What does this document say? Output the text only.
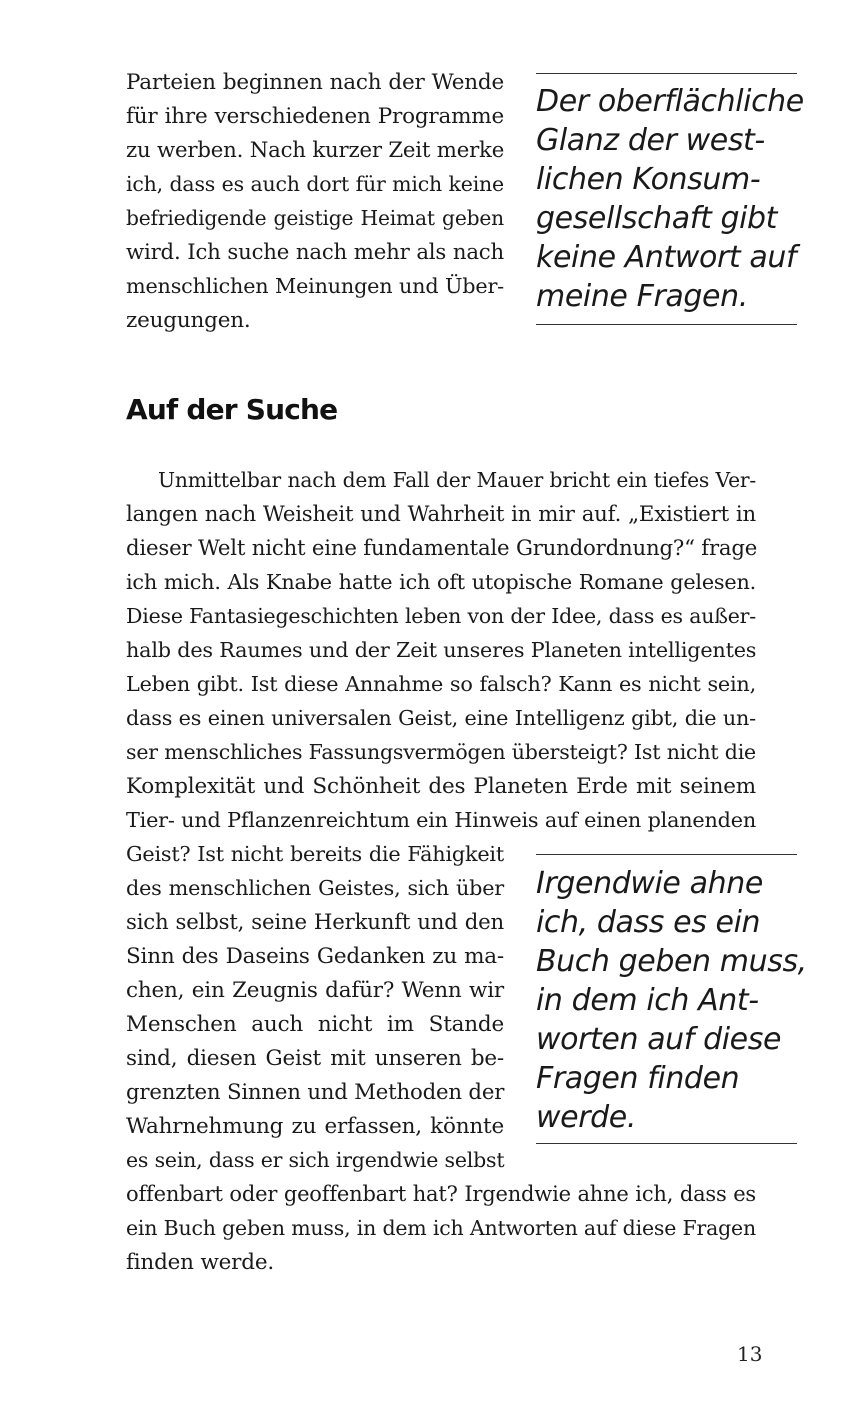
Parteien beginnen nach der Wende
für ihre verschiedenen Programme
zu werben. Nach kurzer Zeit merke
ich, dass es auch dort für mich keine
befriedigende geistige Heimat geben
wird. Ich suche nach mehr als nach
menschlichen Meinungen und Über-
zeugungen.
Der oberflächliche
Glanz der west-
lichen Konsum-
gesellschaft gibt
keine Antwort auf
meine Fragen.
Auf der Suche
Unmittelbar nach dem Fall der Mauer bricht ein tiefes Ver-
langen nach Weisheit und Wahrheit in mir auf. „Existiert in
dieser Welt nicht eine fundamentale Grundordnung?“ frage
ich mich. Als Knabe hatte ich oft utopische Romane gelesen.
Diese Fantasiegeschichten leben von der Idee, dass es außer-
halb des Raumes und der Zeit unseres Planeten intelligentes
Leben gibt. Ist diese Annahme so falsch? Kann es nicht sein,
dass es einen universalen Geist, eine Intelligenz gibt, die un-
ser menschliches Fassungsvermögen übersteigt? Ist nicht die
Komplexität und Schönheit des Planeten Erde mit seinem
Tier- und Pflanzenreichtum ein Hinweis auf einen planenden
Geist? Ist nicht bereits die Fähigkeit
des menschlichen Geistes, sich über
sich selbst, seine Herkunft und den
Sinn des Daseins Gedanken zu ma-
chen, ein Zeugnis dafür? Wenn wir
Menschen auch nicht im Stande
sind, diesen Geist mit unseren be-
grenzten Sinnen und Methoden der
Wahrnehmung zu erfassen, könnte
es sein, dass er sich irgendwie selbst
offenbart oder geoffenbart hat? Irgendwie ahne ich, dass es
ein Buch geben muss, in dem ich Antworten auf diese Fragen
finden werde.
Irgendwie ahne
ich, dass es ein
Buch geben muss,
in dem ich Ant-
worten auf diese
Fragen finden
werde.
13
